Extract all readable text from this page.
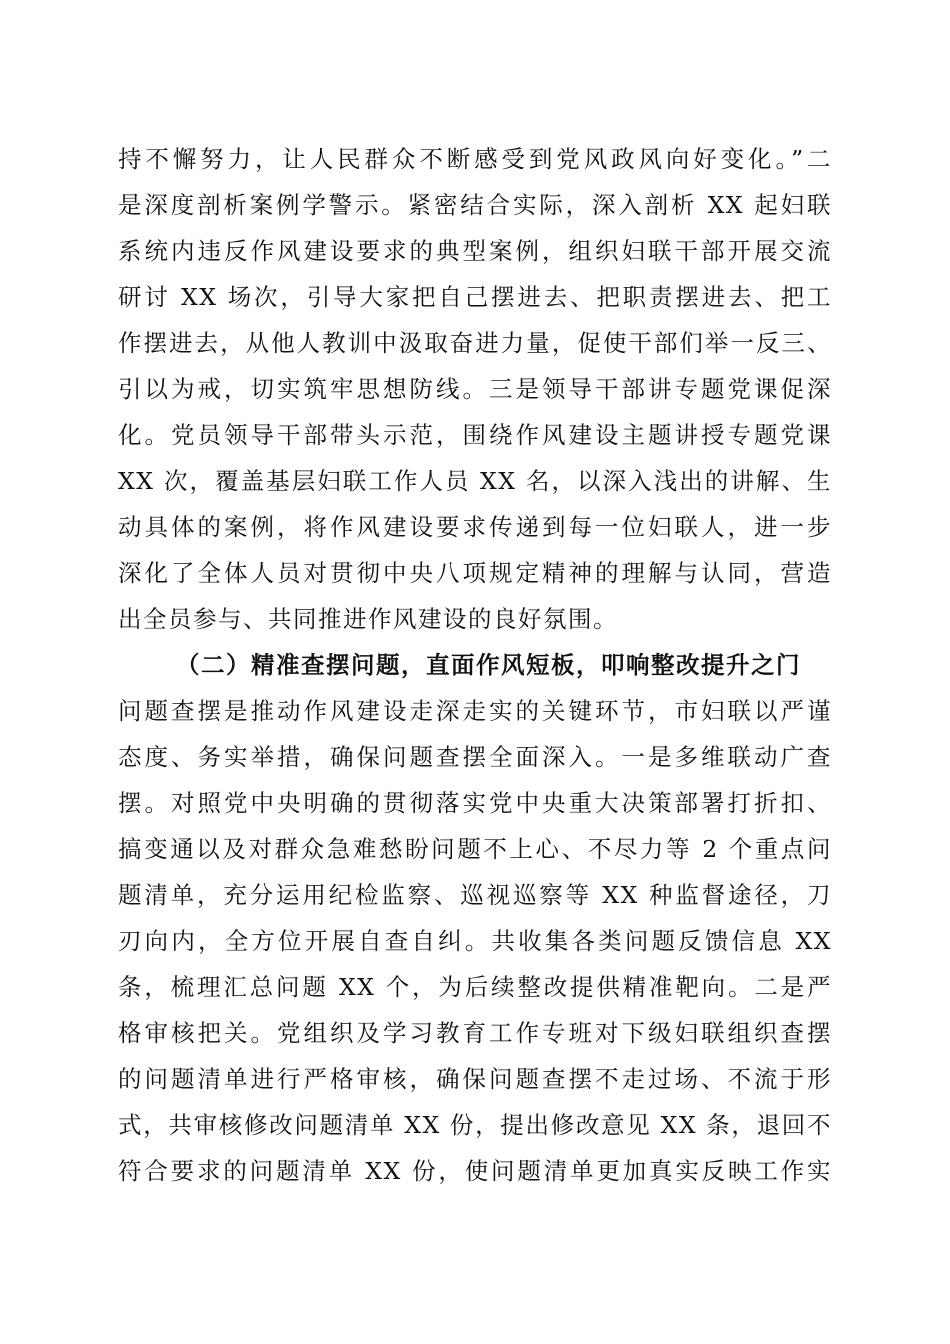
持不懈努力，让人民群众不断感受到党风政风向好变化。”二
是深度剖析案例学警示。紧密结合实际，深入剖析 XX 起妇联
系统内违反作风建设要求的典型案例，组织妇联干部开展交流
研讨 XX 场次，引导大家把自己摆进去、把职责摆进去、把工
作摆进去，从他人教训中汲取奋进力量，促使干部们举一反三、
引以为戒，切实筑牢思想防线。三是领导干部讲专题党课促深
化。党员领导干部带头示范，围绕作风建设主题讲授专题党课
XX 次，覆盖基层妇联工作人员 XX 名，以深入浅出的讲解、生
动具体的案例，将作风建设要求传递到每一位妇联人，进一步
深化了全体人员对贯彻中央八项规定精神的理解与认同，营造
出全员参与、共同推进作风建设的良好氛围。
（二）精准查摆问题，直面作风短板，叩响整改提升之门
问题查摆是推动作风建设走深走实的关键环节，市妇联以严谨
态度、务实举措，确保问题查摆全面深入。一是多维联动广查
摆。对照党中央明确的贯彻落实党中央重大决策部署打折扣、
搞变通以及对群众急难愁盼问题不上心、不尽力等 2 个重点问
题清单，充分运用纪检监察、巡视巡察等 XX 种监督途径，刀
刃向内，全方位开展自查自纠。共收集各类问题反馈信息 XX
条，梳理汇总问题 XX 个，为后续整改提供精准靶向。二是严
格审核把关。党组织及学习教育工作专班对下级妇联组织查摆
的问题清单进行严格审核，确保问题查摆不走过场、不流于形
式，共审核修改问题清单 XX 份，提出修改意见 XX 条，退回不
符合要求的问题清单 XX 份，使问题清单更加真实反映工作实
